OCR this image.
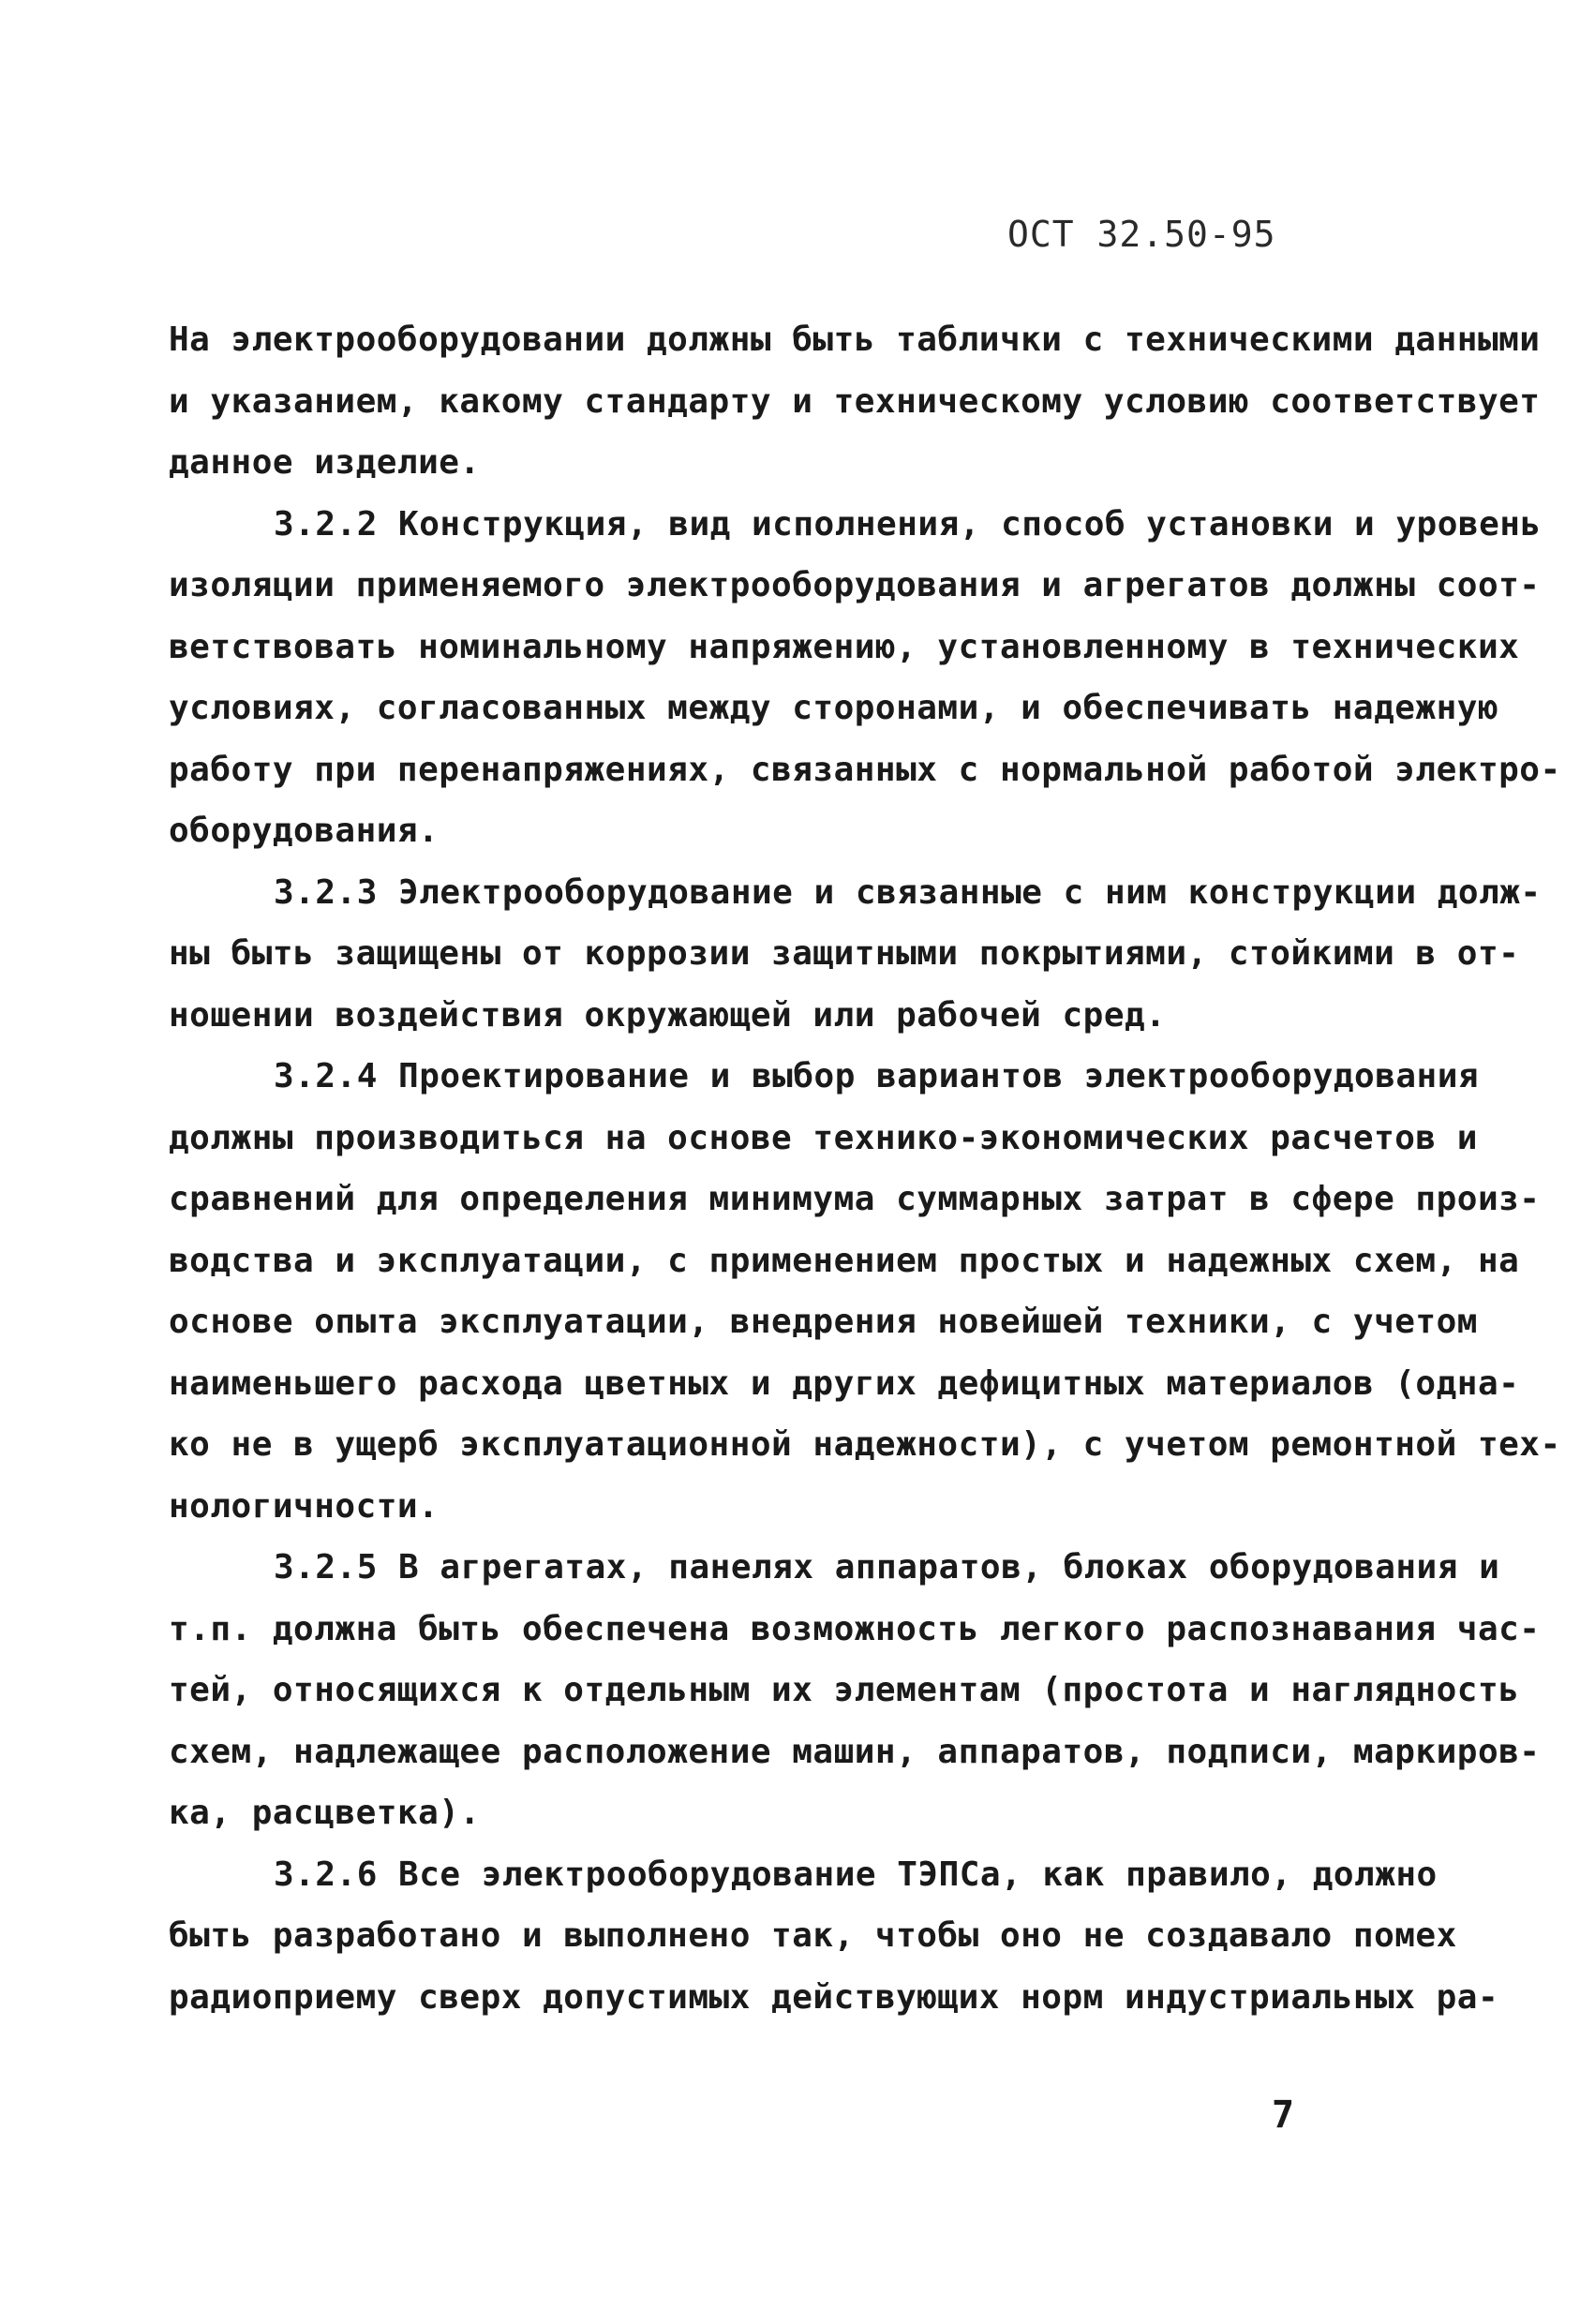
ОСТ 32.50-95
На электрооборудовании должны быть таблички с техническими данными
и указанием, какому стандарту и техническому условию соответствует
данное изделие.
3.2.2 Конструкция, вид исполнения, способ установки и уровень
изоляции применяемого электрооборудования и агрегатов должны соот-
ветствовать номинальному напряжению, установленному в технических
условиях, согласованных между сторонами, и обеспечивать надежную
работу при перенапряжениях, связанных с нормальной работой электро-
оборудования.
3.2.3 Электрооборудование и связанные с ним конструкции долж-
ны быть защищены от коррозии защитными покрытиями, стойкими в от-
ношении воздействия окружающей или рабочей сред.
3.2.4 Проектирование и выбор вариантов электрооборудования
должны производиться на основе технико-экономических расчетов и
сравнений для определения минимума суммарных затрат в сфере произ-
водства и эксплуатации, с применением простых и надежных схем, на
основе опыта эксплуатации, внедрения новейшей техники, с учетом
наименьшего расхода цветных и других дефицитных материалов (одна-
ко не в ущерб эксплуатационной надежности), с учетом ремонтной тех-
нологичности.
3.2.5 В агрегатах, панелях аппаратов, блоках оборудования и
т.п. должна быть обеспечена возможность легкого распознавания час-
тей, относящихся к отдельным их элементам (простота и наглядность
схем, надлежащее расположение машин, аппаратов, подписи, маркиров-
ка, расцветка).
3.2.6 Все электрооборудование ТЭПСа, как правило, должно
быть разработано и выполнено так, чтобы оно не создавало помех
радиоприему сверх допустимых действующих норм индустриальных ра-
7
